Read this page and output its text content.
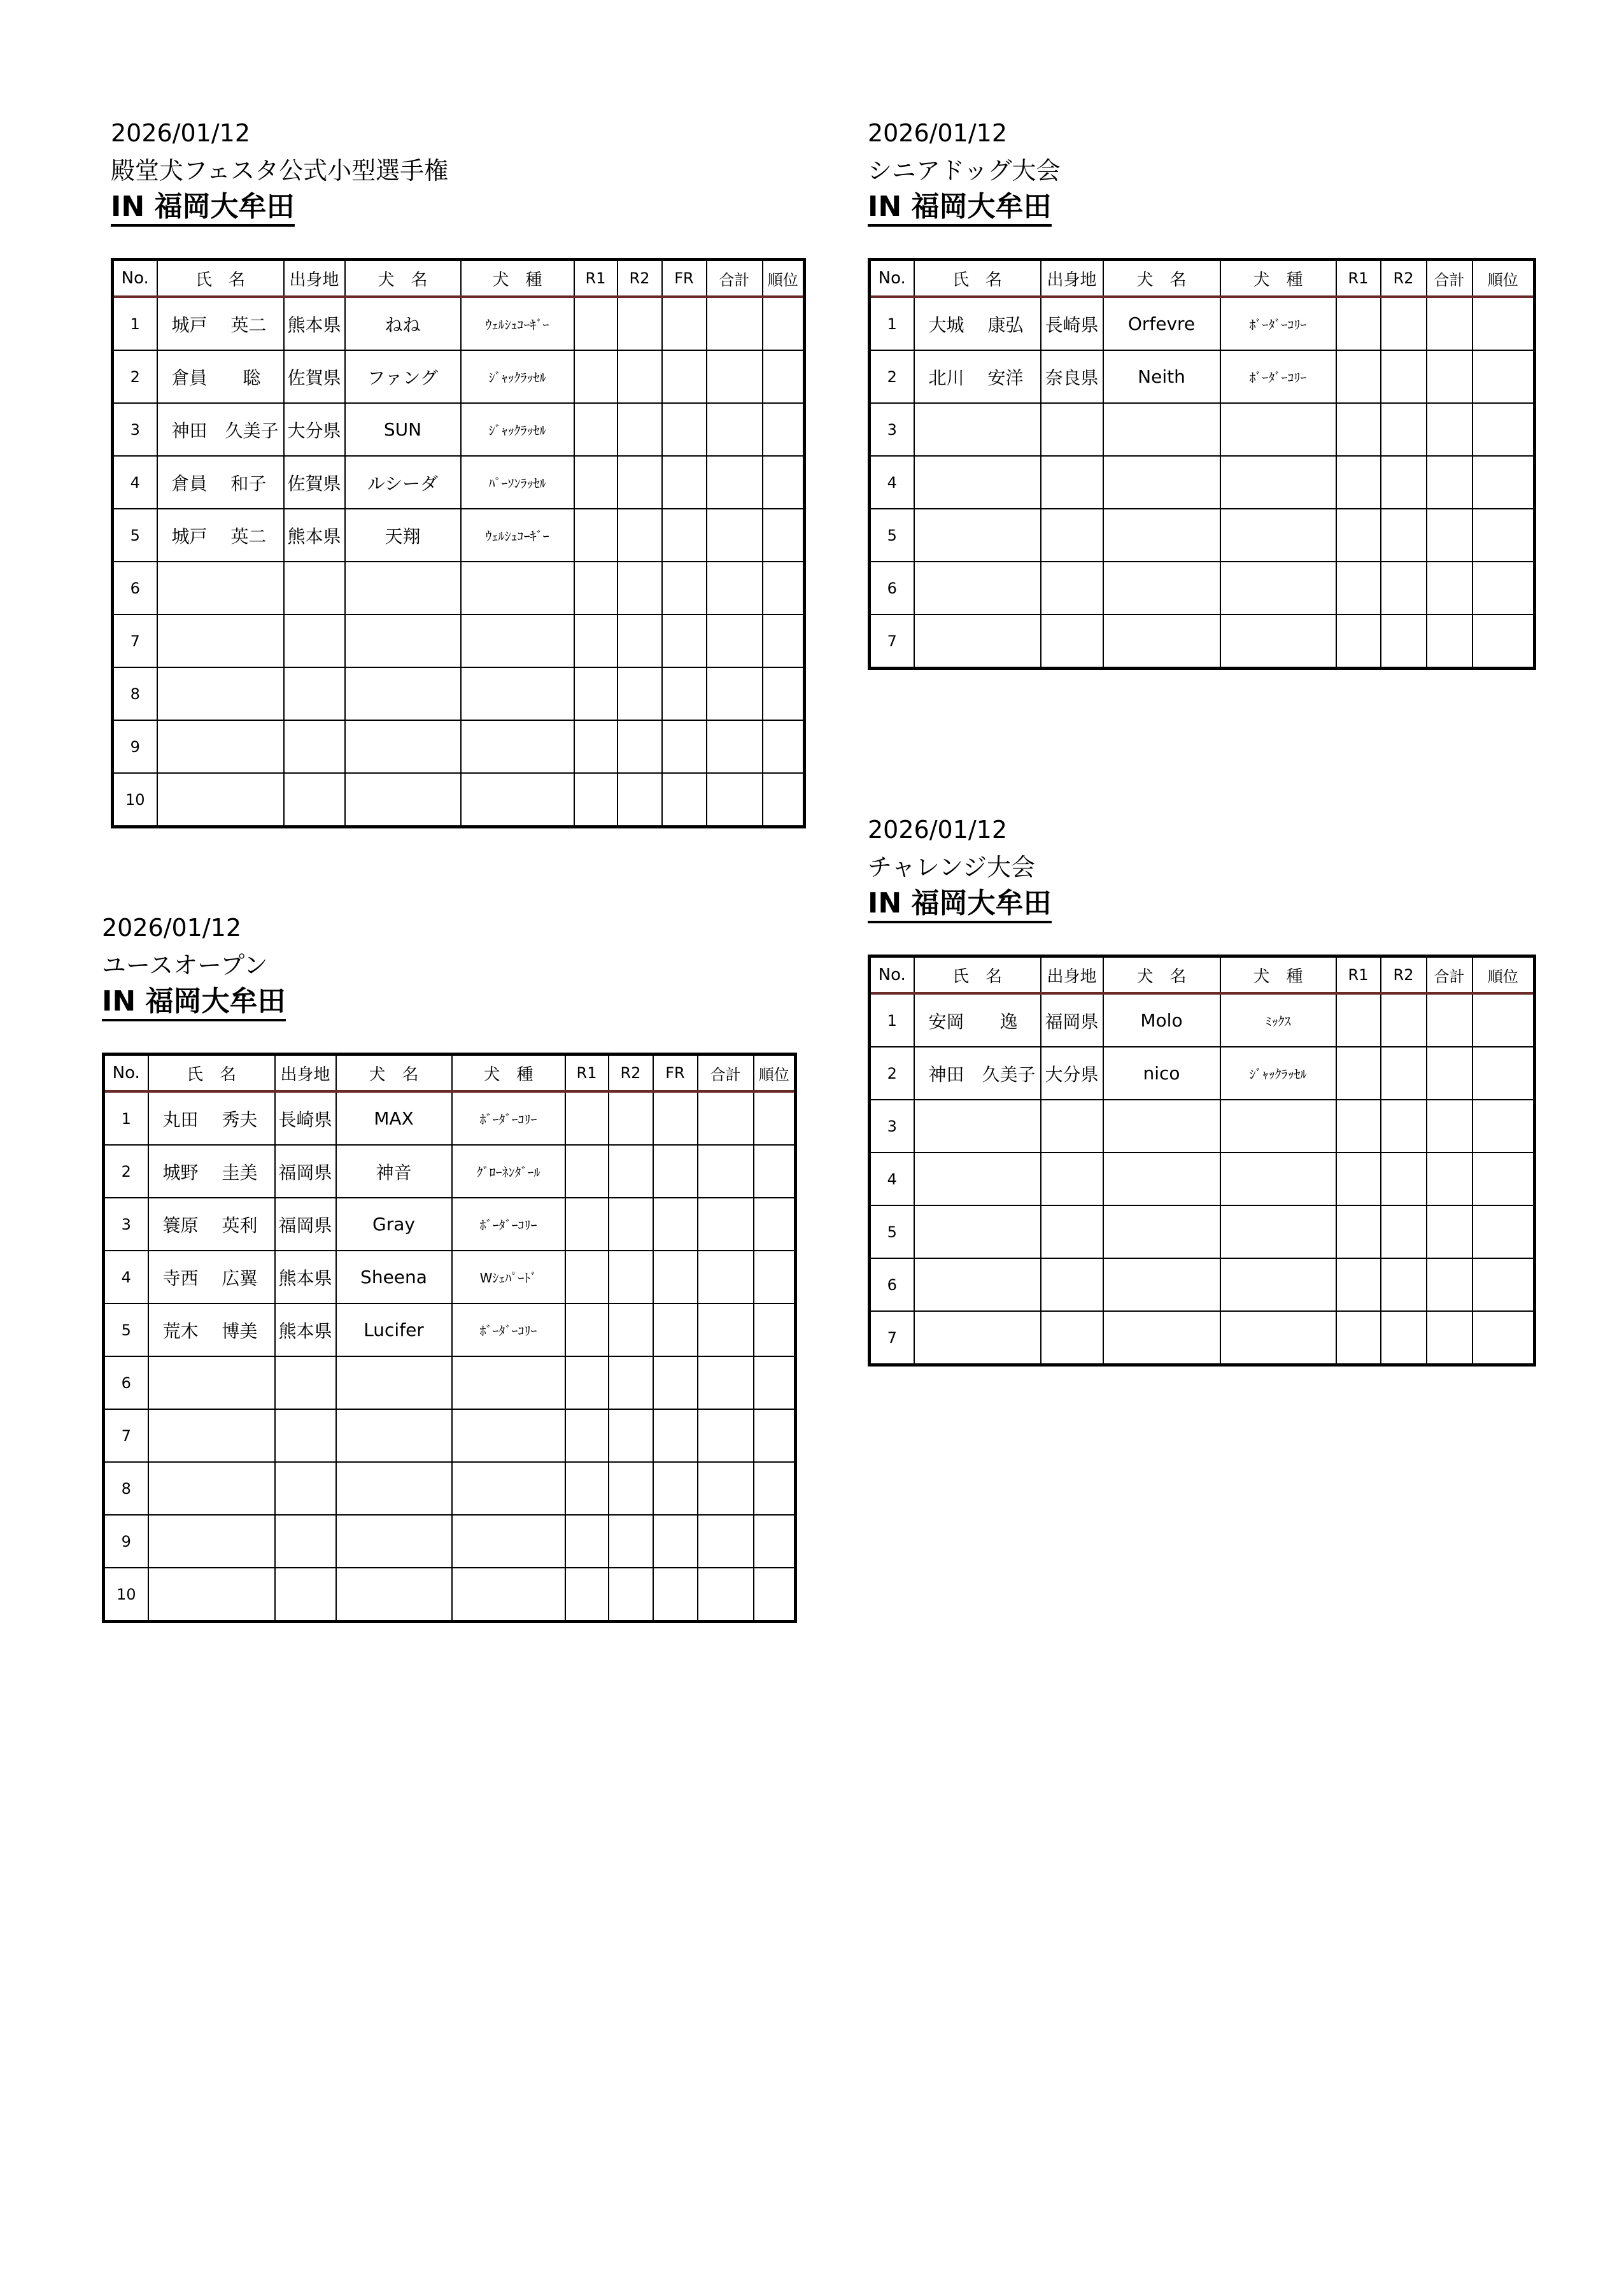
2026/01/12
殿堂犬フェスタ公式小型選手権
IN 福岡大牟田
No.	氏　名	出身地	犬　名	犬　種	R1	R2	FR	合計	順位
1	城戸　 英二	熊本県	ねね	ｳｪﾙｼｭｺｰｷﾞｰ					
2	倉員　　聡	佐賀県	ファング	ｼﾞｬｯｸﾗｯｾﾙ					
3	神田　久美子	大分県	SUN	ｼﾞｬｯｸﾗｯｾﾙ					
4	倉員　 和子	佐賀県	ルシーダ	ﾊﾟｰｿﾝﾗｯｾﾙ					
5	城戸　 英二	熊本県	天翔	ｳｪﾙｼｭｺｰｷﾞｰ					
6									
7									
8									
9									
10									
2026/01/12
シニアドッグ大会
IN 福岡大牟田
No.	氏　名	出身地	犬　名	犬　種	R1	R2	合計	順位
1	大城　 康弘	長崎県	Orfevre	ﾎﾞｰﾀﾞｰｺﾘｰ				
2	北川　 安洋	奈良県	Neith	ﾎﾞｰﾀﾞｰｺﾘｰ				
3								
4								
5								
6								
7								
2026/01/12
ユースオープン
IN 福岡大牟田
No.	氏　名	出身地	犬　名	犬　種	R1	R2	FR	合計	順位
1	丸田　 秀夫	長崎県	MAX	ﾎﾞｰﾀﾞｰｺﾘｰ					
2	城野　 圭美	福岡県	神音	ｸﾞﾛｰﾈﾝﾀﾞｰﾙ					
3	簑原　 英利	福岡県	Gray	ﾎﾞｰﾀﾞｰｺﾘｰ					
4	寺西　 広翼	熊本県	Sheena	Wｼｪﾊﾟｰﾄﾞ					
5	荒木　 博美	熊本県	Lucifer	ﾎﾞｰﾀﾞｰｺﾘｰ					
6									
7									
8									
9									
10									
2026/01/12
チャレンジ大会
IN 福岡大牟田
No.	氏　名	出身地	犬　名	犬　種	R1	R2	合計	順位
1	安岡　　逸	福岡県	Molo	ﾐｯｸｽ				
2	神田　久美子	大分県	nico	ｼﾞｬｯｸﾗｯｾﾙ				
3								
4								
5								
6								
7								
